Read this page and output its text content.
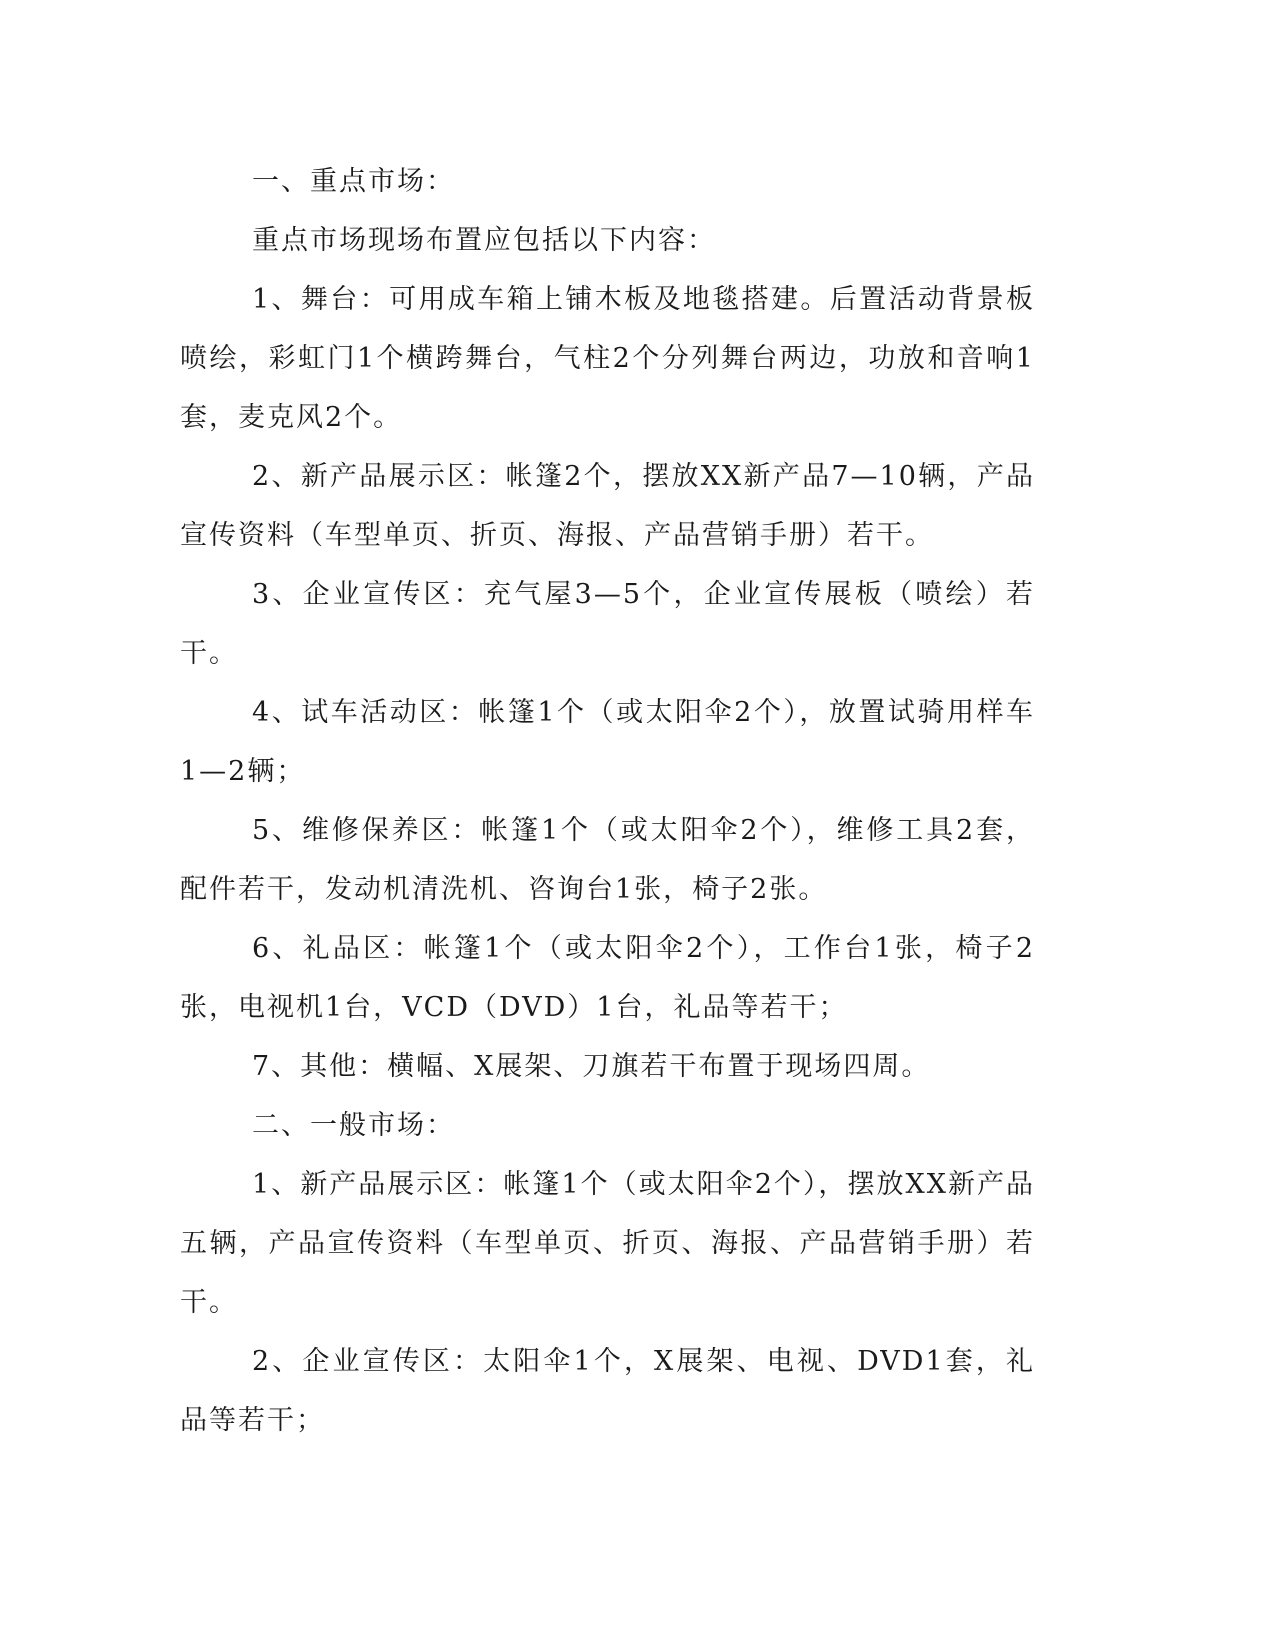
一、重点市场：

重点市场现场布置应包括以下内容：

1、舞台：可用成车箱上铺木板及地毯搭建。后置活动背景板喷绘，彩虹门1个横跨舞台，气柱2个分列舞台两边，功放和音响1套，麦克风2个。

2、新产品展示区：帐篷2个，摆放XX新产品7—10辆，产品宣传资料（车型单页、折页、海报、产品营销手册）若干。

3、企业宣传区：充气屋3—5个，企业宣传展板（喷绘）若干。

4、试车活动区：帐篷1个（或太阳伞2个），放置试骑用样车1—2辆；

5、维修保养区：帐篷1个（或太阳伞2个），维修工具2套，配件若干，发动机清洗机、咨询台1张，椅子2张。

6、礼品区：帐篷1个（或太阳伞2个），工作台1张，椅子2张，电视机1台，VCD（DVD）1台，礼品等若干；

7、其他：横幅、X展架、刀旗若干布置于现场四周。

二、一般市场：

1、新产品展示区：帐篷1个（或太阳伞2个），摆放XX新产品五辆，产品宣传资料（车型单页、折页、海报、产品营销手册）若干。

2、企业宣传区：太阳伞1个，X展架、电视、DVD1套，礼品等若干；
